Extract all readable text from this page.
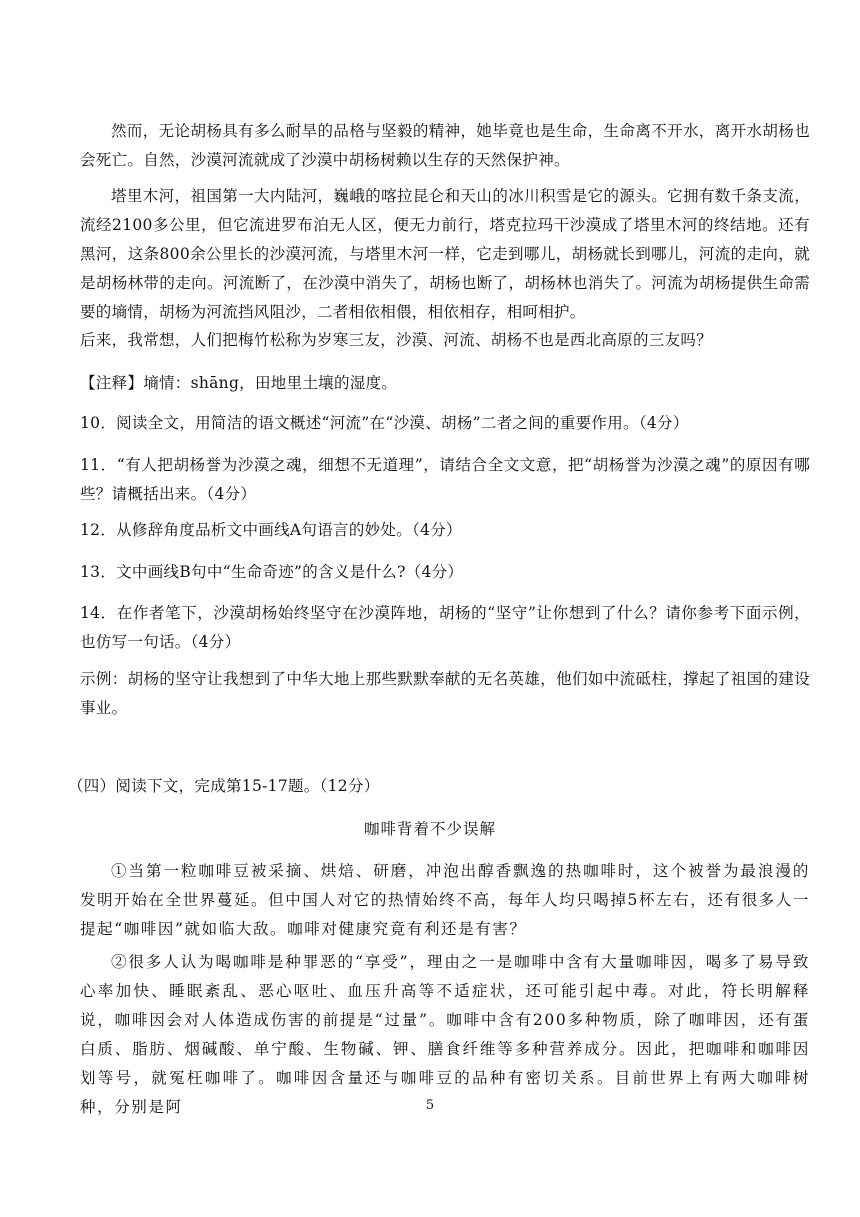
然而，无论胡杨具有多么耐旱的品格与坚毅的精神，她毕竟也是生命，生命离不开水，离开水胡杨也会死亡。自然，沙漠河流就成了沙漠中胡杨树赖以生存的天然保护神。

塔里木河，祖国第一大内陆河，巍峨的喀拉昆仑和天山的冰川积雪是它的源头。它拥有数千条支流，流经2100多公里，但它流进罗布泊无人区，便无力前行，塔克拉玛干沙漠成了塔里木河的终结地。还有黑河，这条800余公里长的沙漠河流，与塔里木河一样，它走到哪儿，胡杨就长到哪儿，河流的走向，就是胡杨林带的走向。河流断了，在沙漠中消失了，胡杨也断了，胡杨林也消失了。河流为胡杨提供生命需要的墒情，胡杨为河流挡风阻沙，二者相依相偎，相依相存，相呵相护。

后来，我常想，人们把梅竹松称为岁寒三友，沙漠、河流、胡杨不也是西北高原的三友吗？

【注释】墒情：shāng，田地里土壤的湿度。

10．阅读全文，用简洁的语文概述“河流”在“沙漠、胡杨”二者之间的重要作用。（4分）

11．“有人把胡杨誉为沙漠之魂，细想不无道理”，请结合全文文意，把“胡杨誉为沙漠之魂”的原因有哪些？请概括出来。（4分）

12．从修辞角度品析文中画线A句语言的妙处。（4分）

13．文中画线B句中“生命奇迹”的含义是什么?（4分）

14．在作者笔下，沙漠胡杨始终坚守在沙漠阵地，胡杨的“坚守”让你想到了什么？请你参考下面示例，也仿写一句话。（4分）

示例：胡杨的坚守让我想到了中华大地上那些默默奉献的无名英雄，他们如中流砥柱，撑起了祖国的建设事业。

（四）阅读下文，完成第15-17题。（12分）

咖啡背着不少误解

①当第一粒咖啡豆被采摘、烘焙、研磨，冲泡出醇香飘逸的热咖啡时，这个被誉为最浪漫的发明开始在全世界蔓延。但中国人对它的热情始终不高，每年人均只喝掉5杯左右，还有很多人一提起“咖啡因”就如临大敌。咖啡对健康究竟有利还是有害？

②很多人认为喝咖啡是种罪恶的“享受”，理由之一是咖啡中含有大量咖啡因，喝多了易导致心率加快、睡眠紊乱、恶心呕吐、血压升高等不适症状，还可能引起中毒。对此，符长明解释说，咖啡因会对人体造成伤害的前提是“过量”。咖啡中含有200多种物质，除了咖啡因，还有蛋白质、脂肪、烟碱酸、单宁酸、生物碱、钾、膳食纤维等多种营养成分。因此，把咖啡和咖啡因划等号，就冤枉咖啡了。咖啡因含量还与咖啡豆的品种有密切关系。目前世界上有两大咖啡树种，分别是阿	5
